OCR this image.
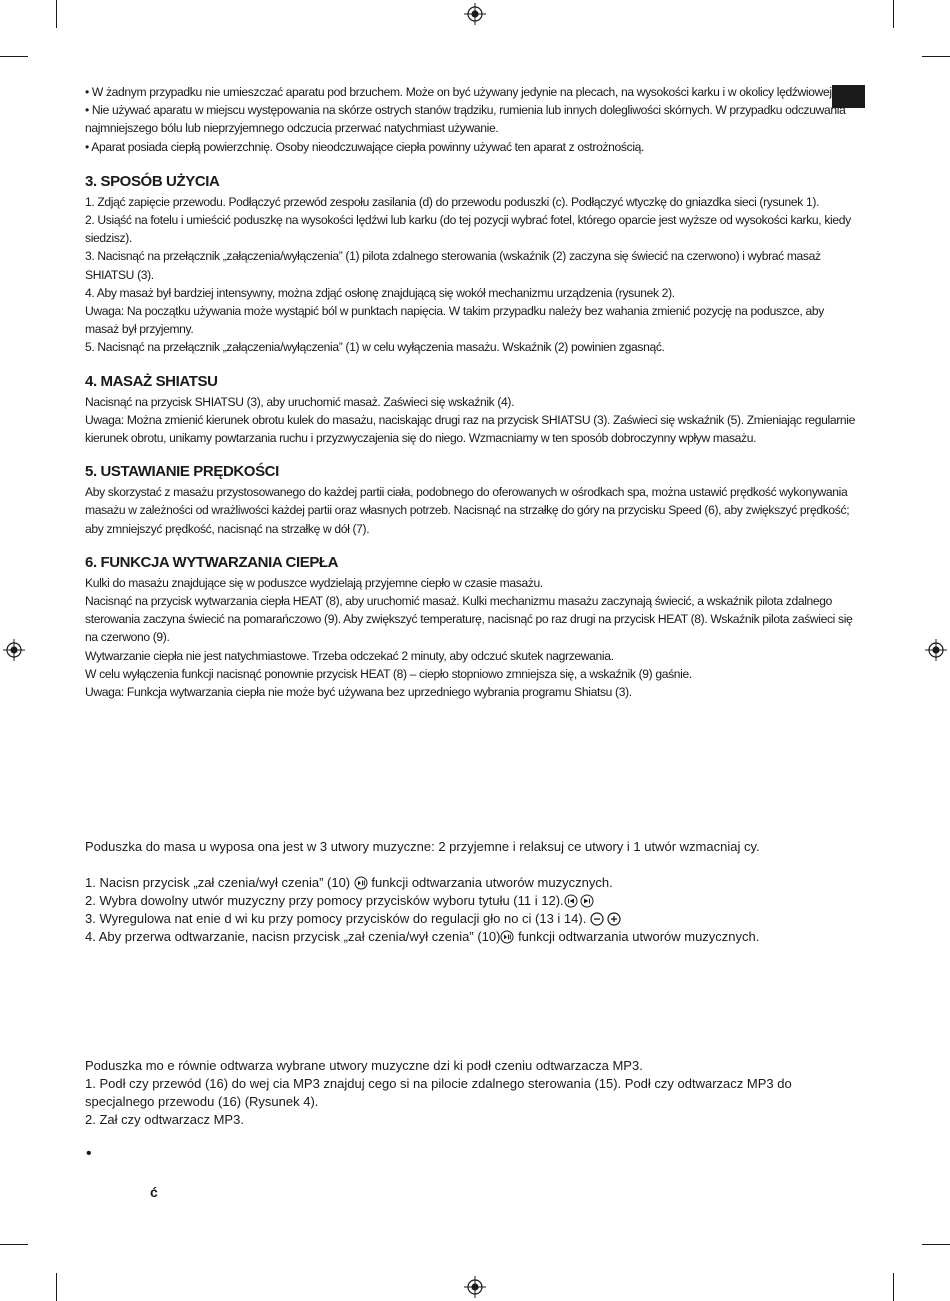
• W żadnym przypadku nie umieszczać aparatu pod brzuchem. Może on być używany jedynie na plecach, na wysokości karku i w okolicy lędźwiowej!
• Nie używać aparatu w miejscu występowania na skórze ostrych stanów trądziku, rumienia lub innych dolegliwości skórnych. W przypadku odczuwania najmniejszego bólu lub nieprzyjemnego odczucia przerwać natychmiast używanie.
• Aparat posiada ciepłą powierzchnię. Osoby nieodczuwające ciepła powinny używać ten aparat z ostrożnością.
3. SPOSÓB UŻYCIA

1. Zdjąć zapięcie przewodu. Podłączyć przewód zespołu zasilania (d) do przewodu poduszki (c). Podłączyć wtyczkę do gniazdka sieci (rysunek 1).

2. Usiąść na fotelu i umieścić poduszkę na wysokości lędźwi lub karku (do tej pozycji wybrać fotel, którego oparcie jest wyższe od wysokości karku, kiedy siedzisz).

3. Nacisnąć na przełącznik „załączenia/wyłączenia” (1) pilota zdalnego sterowania (wskaźnik (2) zaczyna się świecić na czerwono) i wybrać masaż SHIATSU (3).

4. Aby masaż był bardziej intensywny, można zdjąć osłonę znajdującą się wokół mechanizmu urządzenia (rysunek 2).

Uwaga: Na początku używania może wystąpić ból w punktach napięcia. W takim przypadku należy bez wahania zmienić pozycję na poduszce, aby masaż był przyjemny.

5. Nacisnąć na przełącznik „załączenia/wyłączenia” (1) w celu wyłączenia masażu. Wskaźnik (2) powinien zgasnąć.

4. MASAŻ SHIATSU

Nacisnąć na przycisk SHIATSU (3), aby uruchomić masaż. Zaświeci się wskaźnik (4).

Uwaga: Można zmienić kierunek obrotu kulek do masażu, naciskając drugi raz na przycisk SHIATSU (3). Zaświeci się wskaźnik (5). Zmieniając regularnie kierunek obrotu, unikamy powtarzania ruchu i przyzwyczajenia się do niego. Wzmacniamy w ten sposób dobroczynny wpływ masażu.

5. USTAWIANIE PRĘDKOŚCI

Aby skorzystać z masażu przystosowanego do każdej partii ciała, podobnego do oferowanych w ośrodkach spa, można ustawić prędkość wykonywania masażu w zależności od wrażliwości każdej partii oraz własnych potrzeb. Nacisnąć na strzałkę do góry na przycisku Speed (6), aby zwiększyć prędkość; aby zmniejszyć prędkość, nacisnąć na strzałkę w dół (7).

6. FUNKCJA WYTWARZANIA CIEPŁA

Kulki do masażu znajdujące się w poduszce wydzielają przyjemne ciepło w czasie masażu.

Nacisnąć na przycisk wytwarzania ciepła HEAT (8), aby uruchomić masaż. Kulki mechanizmu masażu zaczynają świecić, a wskaźnik pilota zdalnego sterowania zaczyna świecić na pomarańczowo (9). Aby zwiększyć temperaturę, nacisnąć po raz drugi na przycisk HEAT (8). Wskaźnik pilota zaświeci się na czerwono (9).

Wytwarzanie ciepła nie jest natychmiastowe. Trzeba odczekać 2 minuty, aby odczuć skutek nagrzewania.

W celu wyłączenia funkcji nacisnąć ponownie przycisk HEAT (8) – ciepło stopniowo zmniejsza się, a wskaźnik (9) gaśnie.

Uwaga: Funkcja wytwarzania ciepła nie może być używana bez uprzedniego wybrania programu Shiatsu (3).

Poduszka do masa u wyposa ona jest w 3 utwory muzyczne: 2 przyjemne i relaksuj ce utwory i 1 utwór wzmacniaj cy.

1. Nacisn przycisk „zał czenia/wył czenia” (10)  funkcji odtwarzania utworów muzycznych.

2. Wybra dowolny utwór muzyczny przy pomocy przycisków wyboru tytułu (11 i 12). 

3. Wyregulowa nat enie d wi ku przy pomocy przycisków do regulacji gło no ci (13 i 14).  

4. Aby przerwa odtwarzanie, nacisn przycisk „zał czenia/wył czenia” (10) funkcji odtwarzania utworów muzycznych.

Poduszka mo e równie odtwarza wybrane utwory muzyczne dzi ki podł czeniu odtwarzacza MP3.

1. Podł czy przewód (16) do wej cia MP3 znajduj cego si na pilocie zdalnego sterowania (15). Podł czy odtwarzacz MP3 do specjalnego przewodu (16) (Rysunek 4).

2. Zał czy odtwarzacz MP3.

•
ć
